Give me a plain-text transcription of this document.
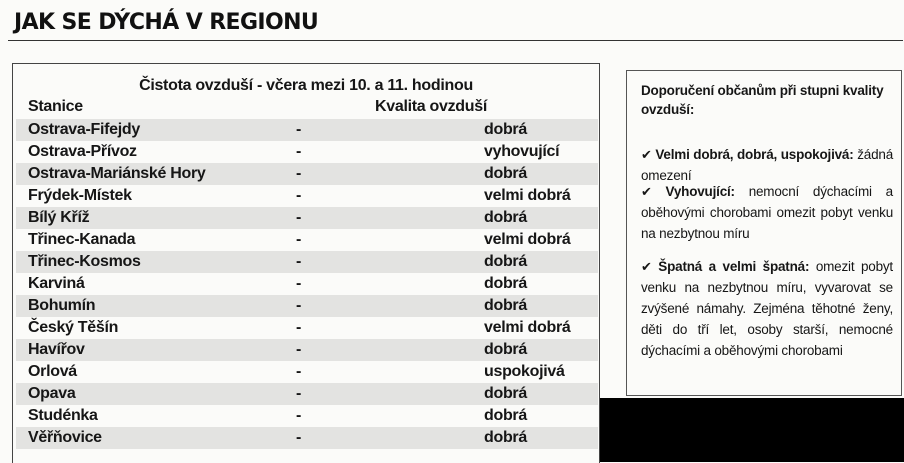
JAK SE DÝCHÁ V REGIONU
Čistota ovzduší - včera mezi 10. a 11. hodinou
Stanice	Kvalita ovzduší
Ostrava-Fifejdy	-	dobrá
Ostrava-Přívoz	-	vyhovující
Ostrava-Mariánské Hory	-	dobrá
Frýdek-Místek	-	velmi dobrá
Bílý Kříž	-	dobrá
Třinec-Kanada	-	velmi dobrá
Třinec-Kosmos	-	dobrá
Karviná	-	dobrá
Bohumín	-	dobrá
Český Těšín	-	velmi dobrá
Havířov	-	dobrá
Orlová	-	uspokojivá
Opava	-	dobrá
Studénka	-	dobrá
Věřňovice	-	dobrá
Doporučení občanům při stupni kvality ovzduší:
✔ Velmi dobrá, dobrá, uspokojivá: žádná omezení
✔ Vyhovující: nemocní dýchacími a oběhovými chorobami omezit pobyt venku na nezbytnou míru
✔ Špatná a velmi špatná: omezit pobyt venku na nezbytnou míru, vyvarovat se zvýšené námahy. Zejména těhotné ženy, děti do tří let, osoby starší, nemocné dýchacími a oběhovými chorobami
